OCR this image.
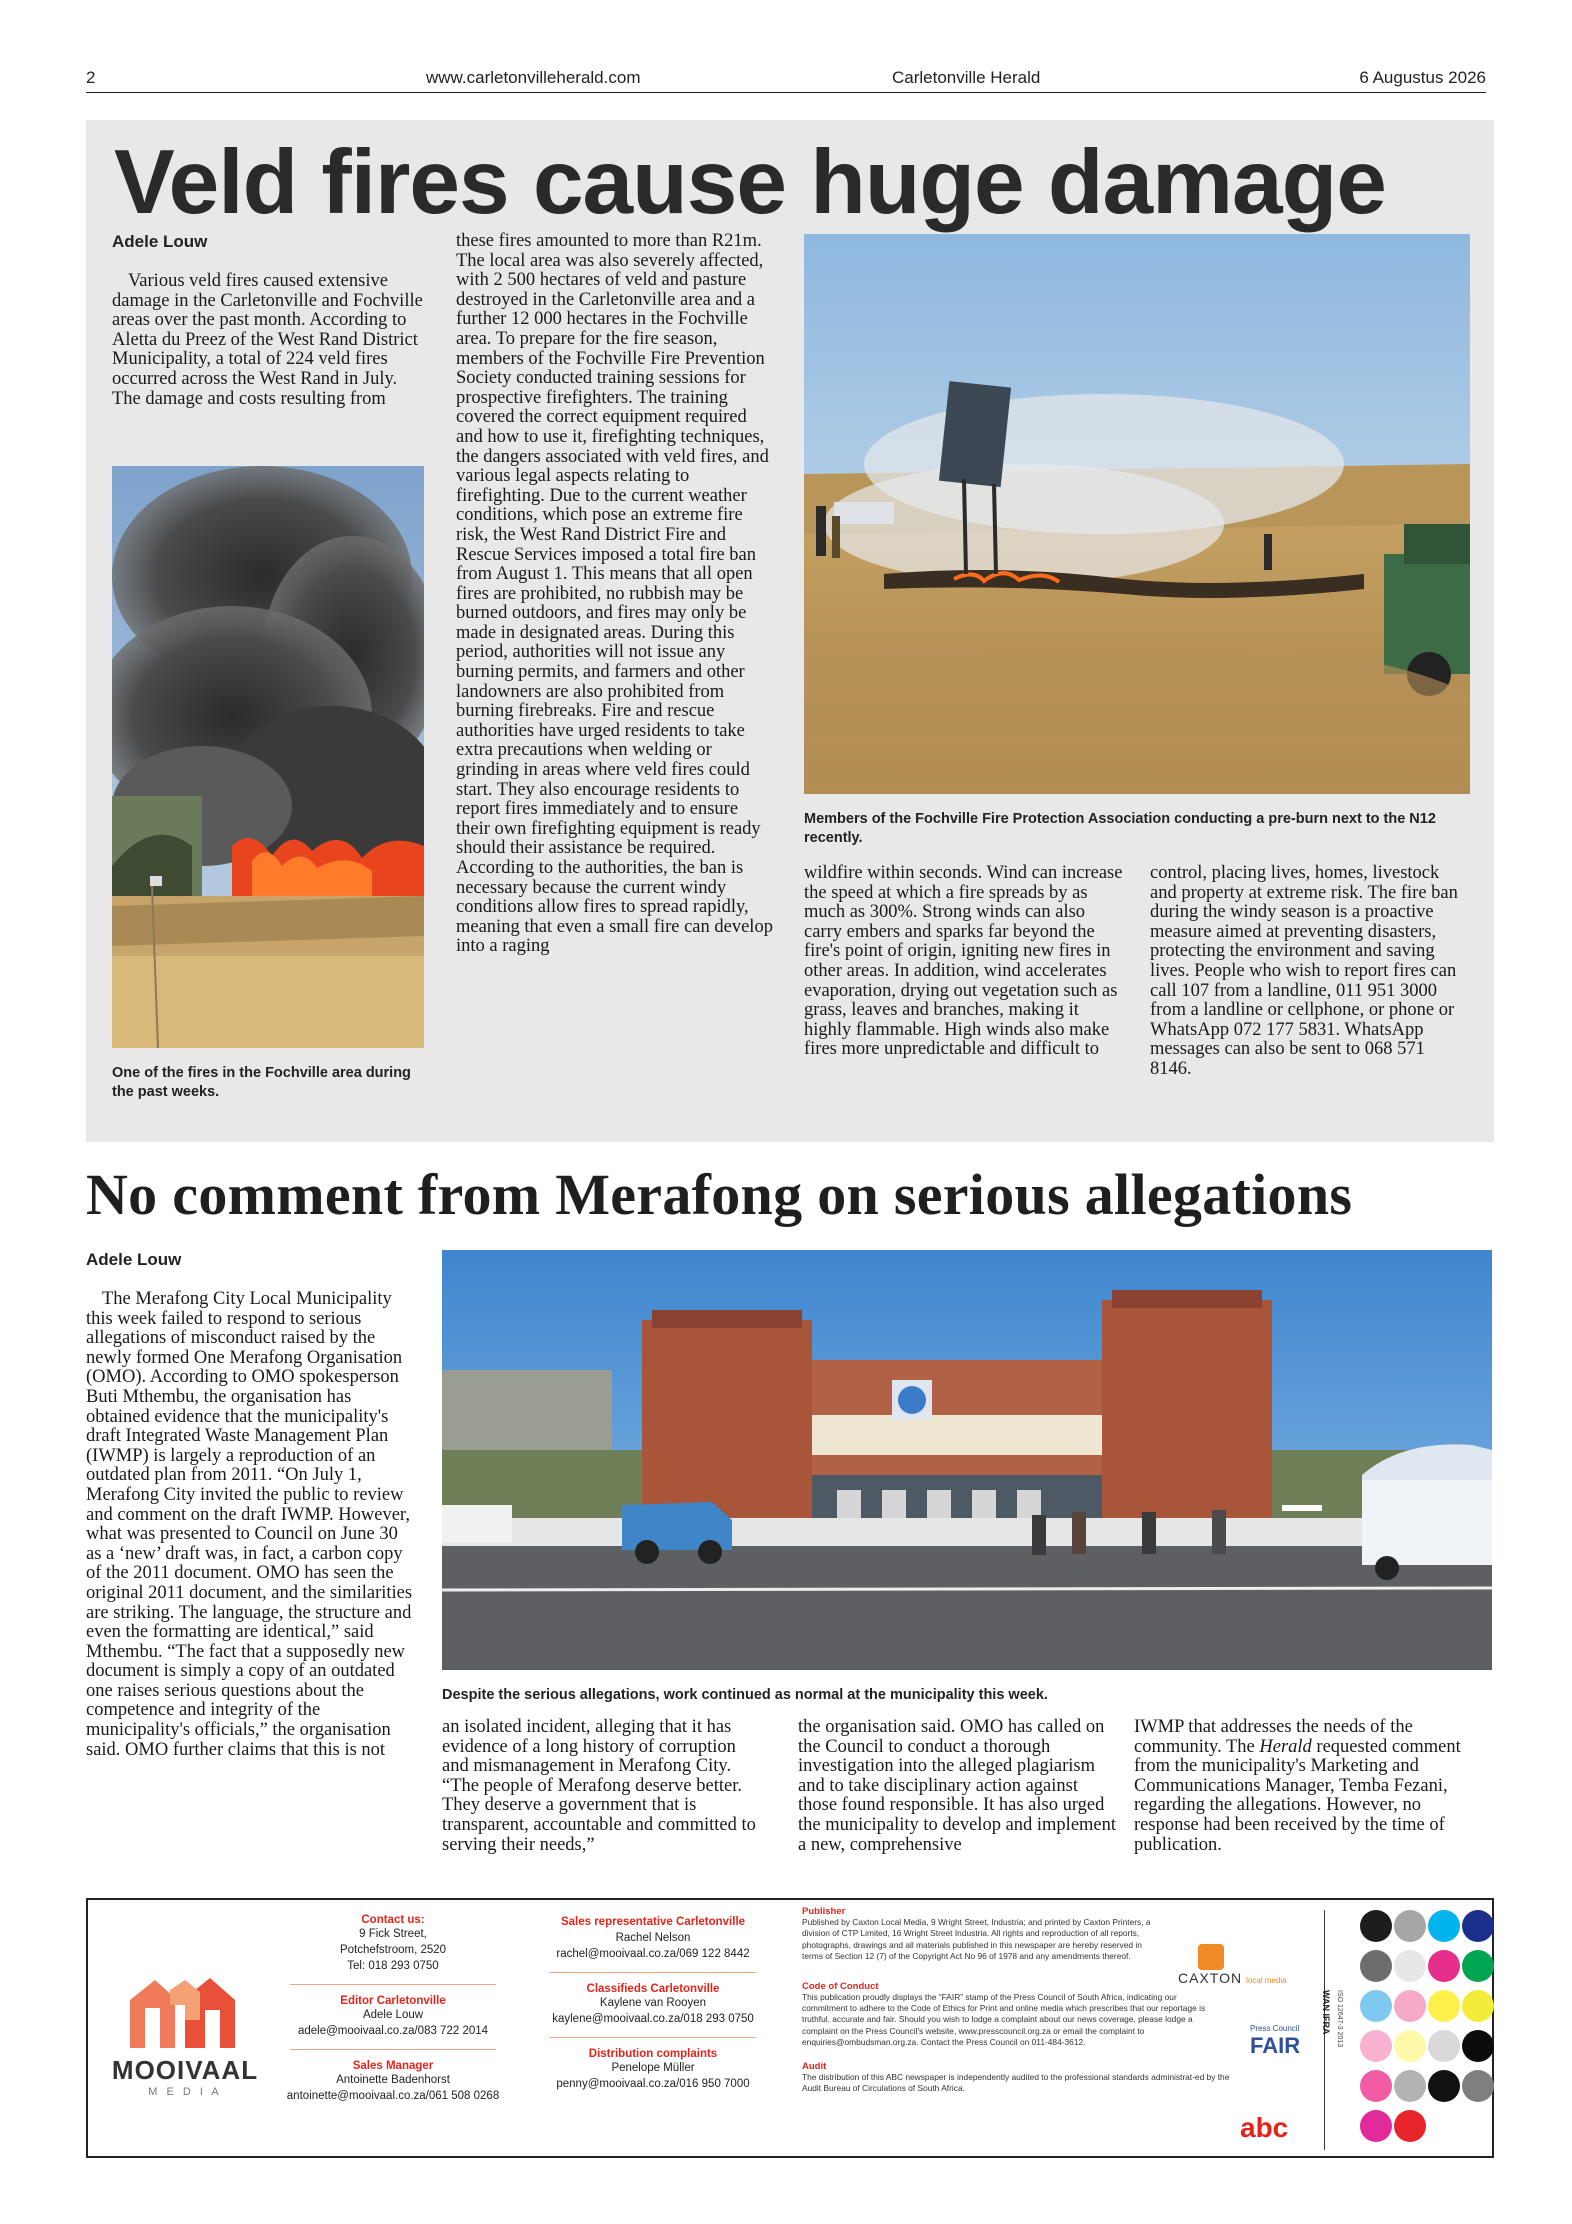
2	www.carletonvilleherald.com	Carletonville Herald	6 Augustus 2026
Veld fires cause huge damage
Adele Louw

Various veld fires caused extensive damage in the Carletonville and Fochville areas over the past month. According to Aletta du Preez of the West Rand District Municipality, a total of 224 veld fires occurred across the West Rand in July. The damage and costs resulting from

One of the fires in the Fochville area during the past weeks.

these fires amounted to more than R21m. The local area was also severely affected, with 2 500 hectares of veld and pasture destroyed in the Carletonville area and a further 12 000 hectares in the Fochville area. To prepare for the fire season, members of the Fochville Fire Prevention Society conducted training sessions for prospective firefighters. The training covered the correct equipment required and how to use it, firefighting techniques, the dangers associated with veld fires, and various legal aspects relating to firefighting. Due to the current weather conditions, which pose an extreme fire risk, the West Rand District Fire and Rescue Services imposed a total fire ban from August 1. This means that all open fires are prohibited, no rubbish may be burned outdoors, and fires may only be made in designated areas. During this period, authorities will not issue any burning permits, and farmers and other landowners are also prohibited from burning firebreaks. Fire and rescue authorities have urged residents to take extra precautions when welding or grinding in areas where veld fires could start. They also encourage residents to report fires immediately and to ensure their own firefighting equipment is ready should their assistance be required. According to the authorities, the ban is necessary because the current windy conditions allow fires to spread rapidly, meaning that even a small fire can develop into a raging

Members of the Fochville Fire Protection Association conducting a pre-burn next to the N12 recently.

wildfire within seconds. Wind can increase the speed at which a fire spreads by as much as 300%. Strong winds can also carry embers and sparks far beyond the fire's point of origin, igniting new fires in other areas. In addition, wind accelerates evaporation, drying out vegetation such as grass, leaves and branches, making it highly flammable. High winds also make fires more unpredictable and difficult to

control, placing lives, homes, livestock and property at extreme risk. The fire ban during the windy season is a proactive measure aimed at preventing disasters, protecting the environment and saving lives. People who wish to report fires can call 107 from a landline, 011 951 3000 from a landline or cellphone, or phone or WhatsApp 072 177 5831. WhatsApp messages can also be sent to 068 571 8146.

No comment from Merafong on serious allegations
Adele Louw

The Merafong City Local Municipality this week failed to respond to serious allegations of misconduct raised by the newly formed One Merafong Organisation (OMO). According to OMO spokesperson Buti Mthembu, the organisation has obtained evidence that the municipality's draft Integrated Waste Management Plan (IWMP) is largely a reproduction of an outdated plan from 2011. “On July 1, Merafong City invited the public to review and comment on the draft IWMP. However, what was presented to Council on June 30 as a ‘new’ draft was, in fact, a carbon copy of the 2011 document. OMO has seen the original 2011 document, and the similarities are striking. The language, the structure and even the formatting are identical,” said Mthembu. “The fact that a supposedly new document is simply a copy of an outdated one raises serious questions about the competence and integrity of the municipality's officials,” the organisation said. OMO further claims that this is not

Despite the serious allegations, work continued as normal at the municipality this week.

an isolated incident, alleging that it has evidence of a long history of corruption and mismanagement in Merafong City. “The people of Merafong deserve better. They deserve a government that is transparent, accountable and committed to serving their needs,”

the organisation said. OMO has called on the Council to conduct a thorough investigation into the alleged plagiarism and to take disciplinary action against those found responsible. It has also urged the municipality to develop and implement a new, comprehensive

IWMP that addresses the needs of the community. The Herald requested comment from the municipality's Marketing and Communications Manager, Temba Fezani, regarding the allegations. However, no response had been received by the time of publication.

MOOIVAAL
M E D I A
Contact us:
9 Fick Street,
Potchefstroom, 2520
Tel: 018 293 0750
Editor Carletonville
Adele Louw
adele@mooivaal.co.za/083 722 2014
Sales Manager
Antoinette Badenhorst
antoinette@mooivaal.co.za/061 508 0268
Sales representative Carletonville
Rachel Nelson
rachel@mooivaal.co.za/069 122 8442
Classifieds Carletonville
Kaylene van Rooyen
kaylene@mooivaal.co.za/018 293 0750
Distribution complaints
Penelope Müller
penny@mooivaal.co.za/016 950 7000
Publisher
Published by Caxton Local Media, 9 Wright Street, Industria; and printed by Caxton Printers, a division of CTP Limited, 16 Wright Street Industria. All rights and reproduction of all reports, photographs, drawings and all materials published in this newspaper are hereby reserved in terms of Section 12 (7) of the Copyright Act No 96 of 1978 and any amendments thereof.
Code of Conduct
This publication proudly displays the “FAIR” stamp of the Press Council of South Africa, indicating our commitment to adhere to the Code of Ethics for Print and online media which prescribes that our reportage is truthful, accurate and fair. Should you wish to lodge a complaint about our news coverage, please lodge a complaint on the Press Council's website, www.presscouncil.org.za or email the complaint to enquiries@ombudsman.org.za. Contact the Press Council on 011-484-3612.
Audit
The distribution of this ABC newspaper is independently audited to the professional standards administrat-ed by the Audit Bureau of Circulations of South Africa.
CAXTON local media
Press Council
FAIR
abc
WAN IFRA ISO 12647-3 2013
